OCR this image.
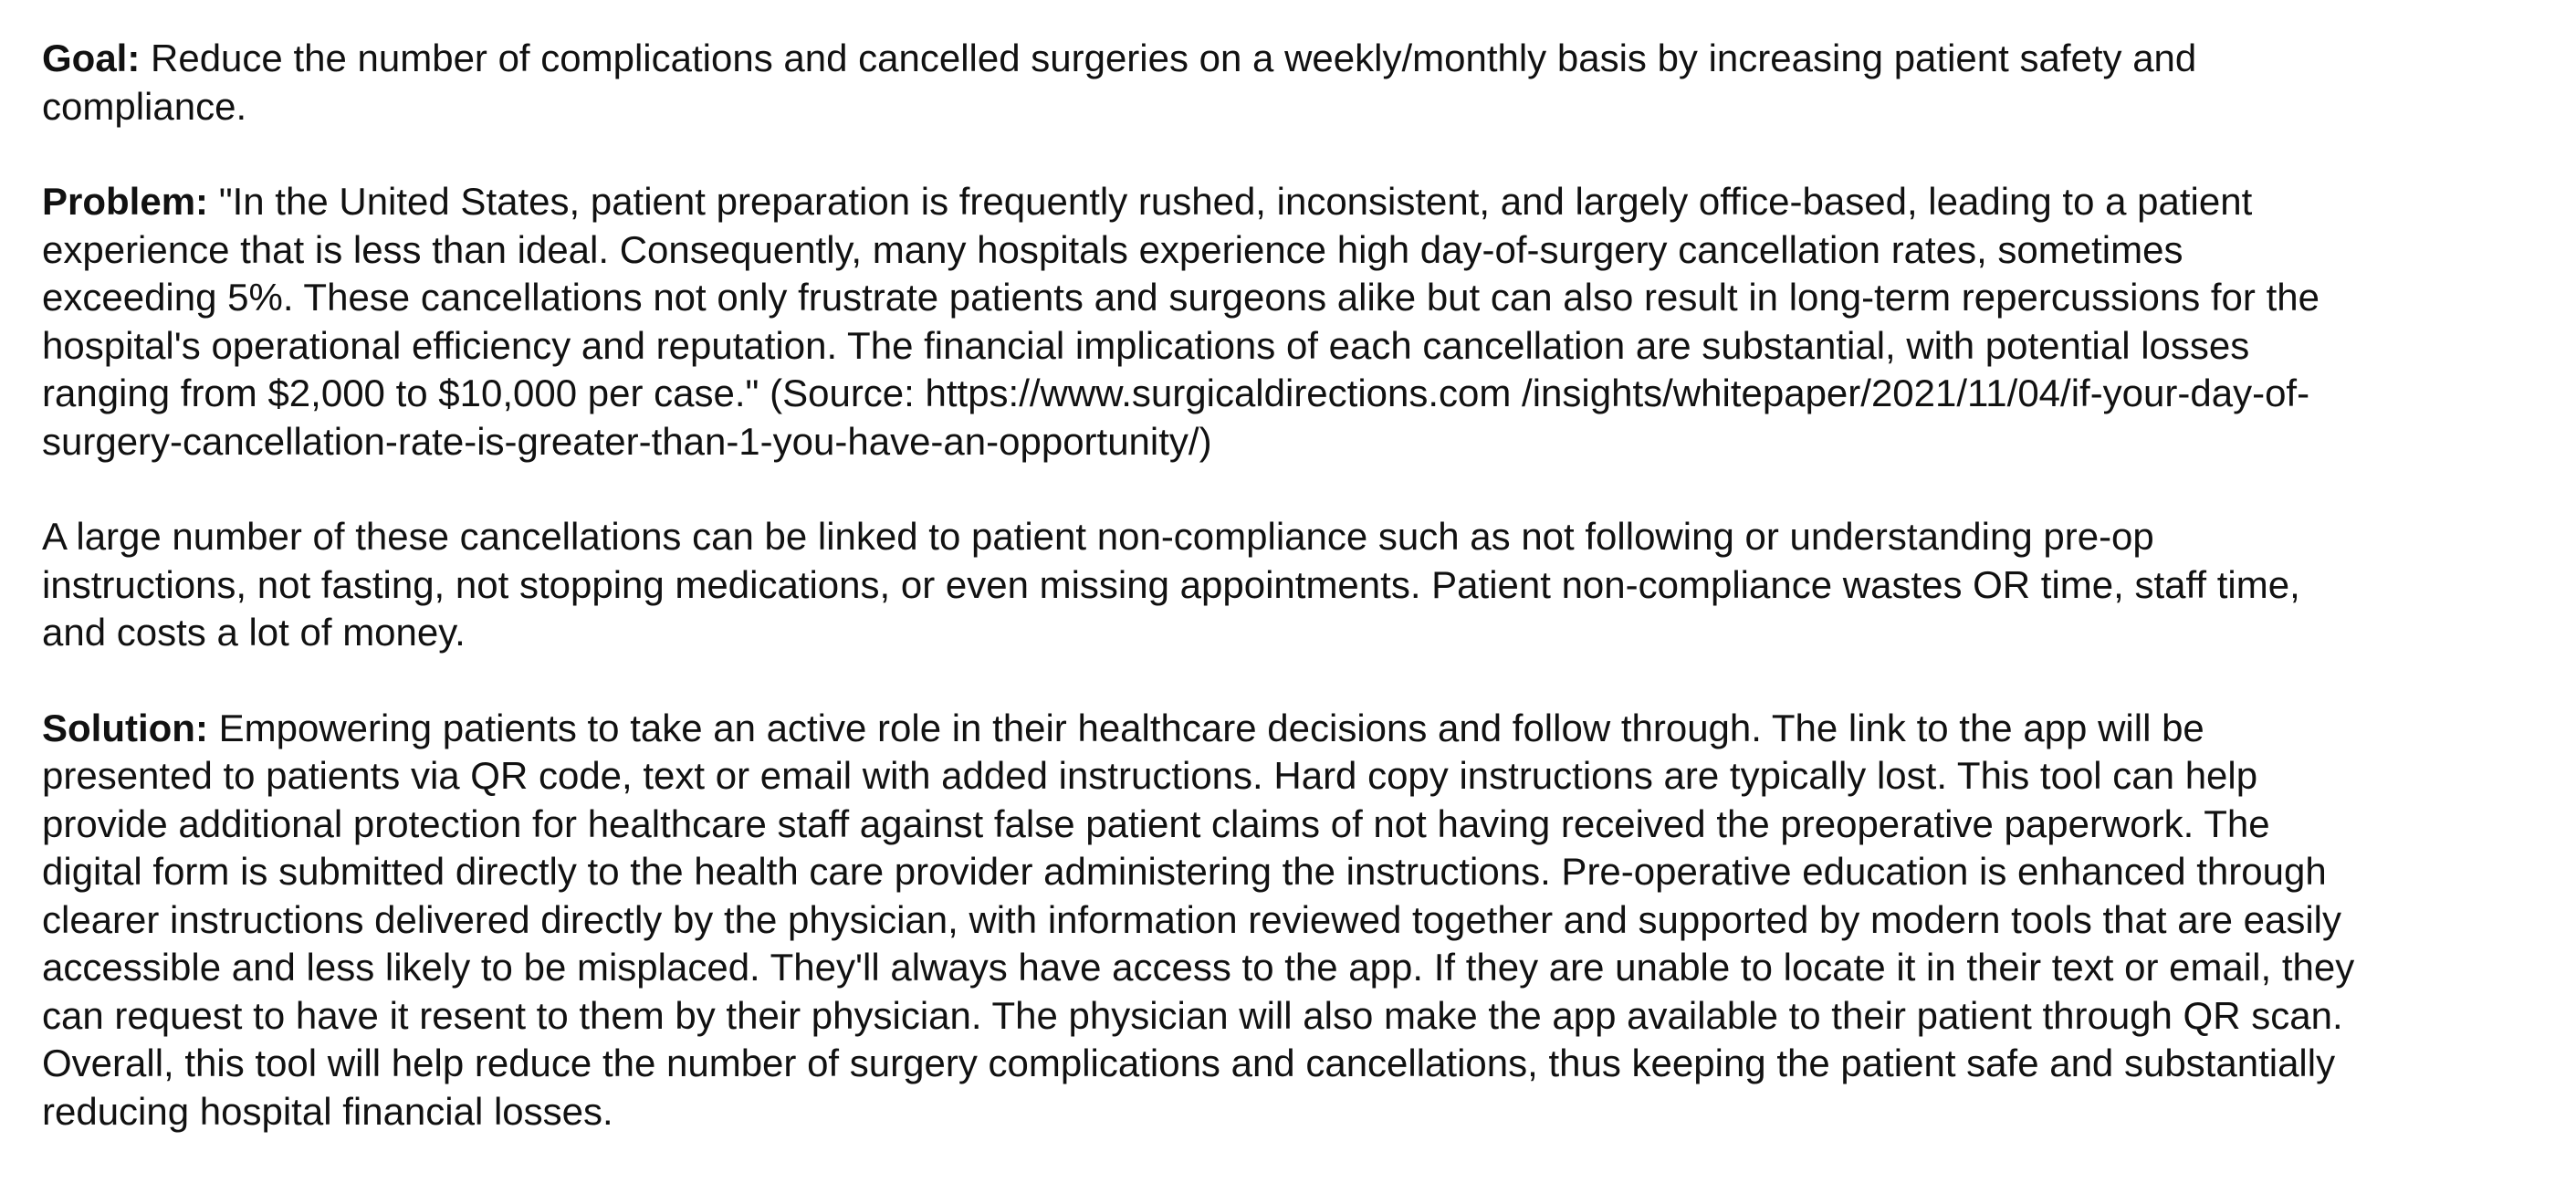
Goal: Reduce the number of complications and cancelled surgeries on a weekly/monthly basis by increasing patient safety and
compliance.

Problem: "In the United States, patient preparation is frequently rushed, inconsistent, and largely office-based, leading to a patient
experience that is less than ideal. Consequently, many hospitals experience high day-of-surgery cancellation rates, sometimes
exceeding 5%. These cancellations not only frustrate patients and surgeons alike but can also result in long-term repercussions for the
hospital's operational efficiency and reputation. The financial implications of each cancellation are substantial, with potential losses
ranging from $2,000 to $10,000 per case." (Source: https://www.surgicaldirections.com /insights/whitepaper/2021/11/04/if-your-day-of-
surgery-cancellation-rate-is-greater-than-1-you-have-an-opportunity/)

A large number of these cancellations can be linked to patient non-compliance such as not following or understanding pre-op
instructions, not fasting, not stopping medications, or even missing appointments. Patient non-compliance wastes OR time, staff time,
and costs a lot of money.

Solution: Empowering patients to take an active role in their healthcare decisions and follow through. The link to the app will be
presented to patients via QR code, text or email with added instructions. Hard copy instructions are typically lost. This tool can help
provide additional protection for healthcare staff against false patient claims of not having received the preoperative paperwork. The
digital form is submitted directly to the health care provider administering the instructions. Pre-operative education is enhanced through
clearer instructions delivered directly by the physician, with information reviewed together and supported by modern tools that are easily
accessible and less likely to be misplaced. They'll always have access to the app. If they are unable to locate it in their text or email, they
can request to have it resent to them by their physician. The physician will also make the app available to their patient through QR scan.
Overall, this tool will help reduce the number of surgery complications and cancellations, thus keeping the patient safe and substantially
reducing hospital financial losses.
